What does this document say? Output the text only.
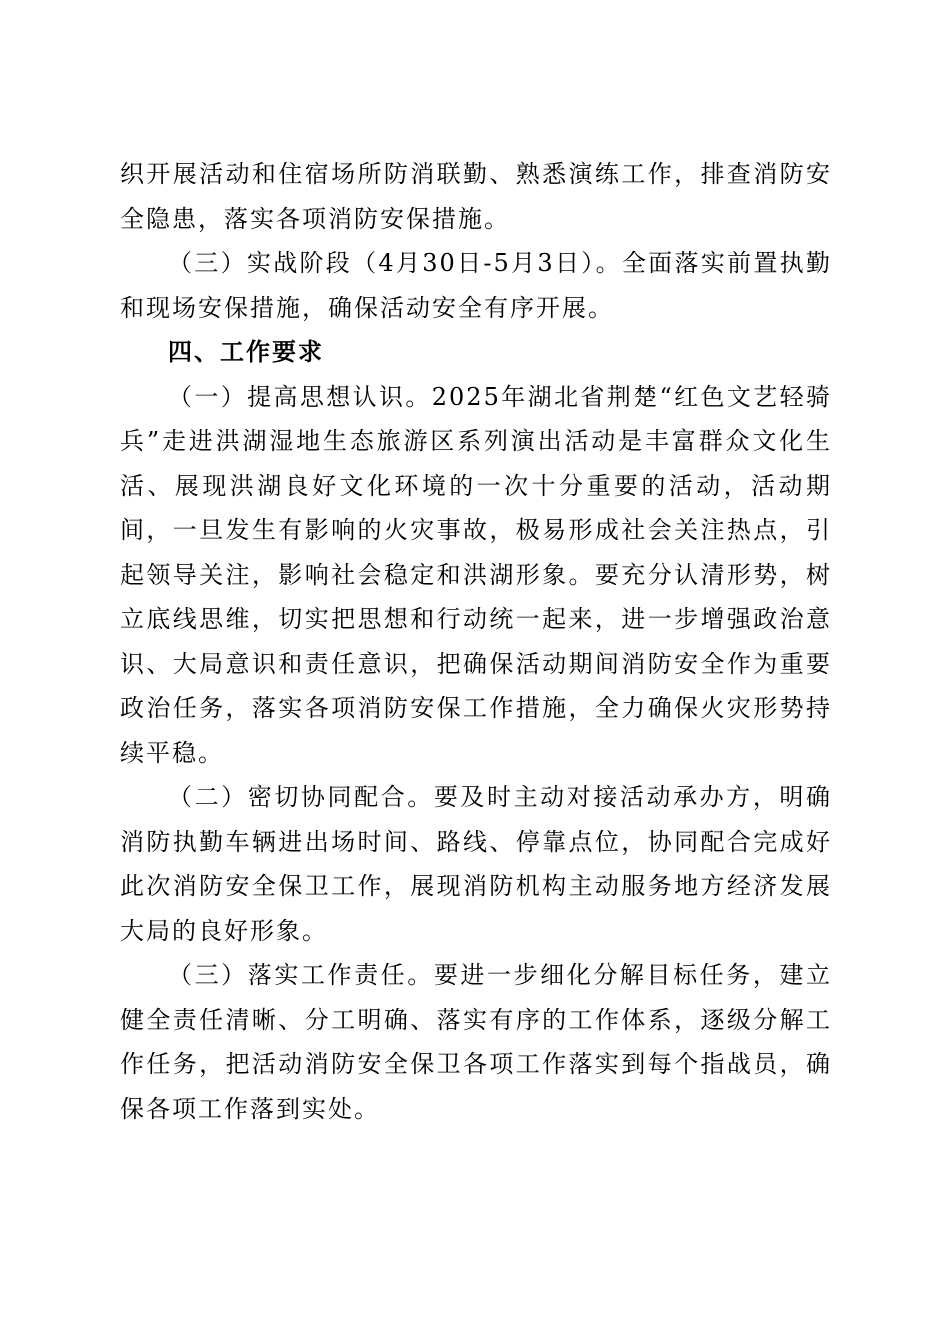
织开展活动和住宿场所防消联勤、熟悉演练工作，排查消防安全隐患，落实各项消防安保措施。

（三）实战阶段（4月30日-5月3日）。全面落实前置执勤和现场安保措施，确保活动安全有序开展。

四、工作要求

（一）提高思想认识。2025年湖北省荆楚“红色文艺轻骑兵”走进洪湖湿地生态旅游区系列演出活动是丰富群众文化生活、展现洪湖良好文化环境的一次十分重要的活动，活动期间，一旦发生有影响的火灾事故，极易形成社会关注热点，引起领导关注，影响社会稳定和洪湖形象。要充分认清形势，树立底线思维，切实把思想和行动统一起来，进一步增强政治意识、大局意识和责任意识，把确保活动期间消防安全作为重要政治任务，落实各项消防安保工作措施，全力确保火灾形势持续平稳。

（二）密切协同配合。要及时主动对接活动承办方，明确消防执勤车辆进出场时间、路线、停靠点位，协同配合完成好此次消防安全保卫工作，展现消防机构主动服务地方经济发展大局的良好形象。

（三）落实工作责任。要进一步细化分解目标任务，建立健全责任清晰、分工明确、落实有序的工作体系，逐级分解工作任务，把活动消防安全保卫各项工作落实到每个指战员，确保各项工作落到实处。
